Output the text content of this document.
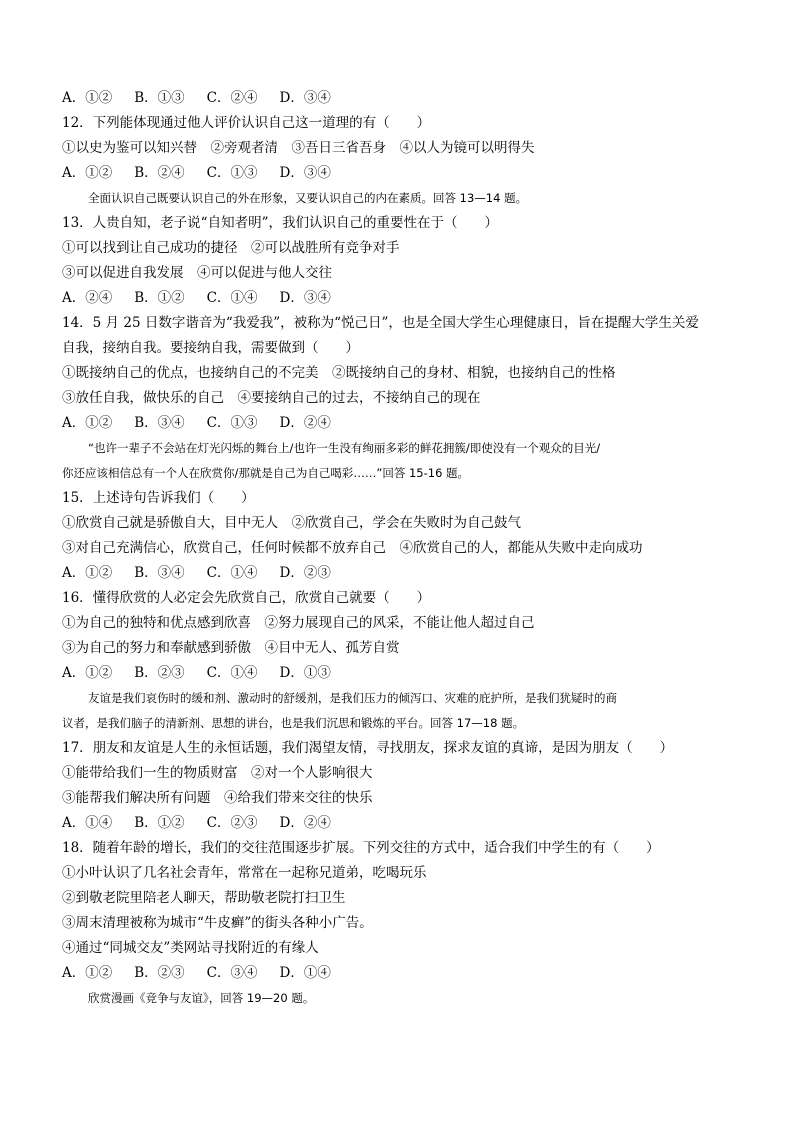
A．①② B．①③ C．②④ D．③④
12．下列能体现通过他人评价认识自己这一道理的有（　　）
①以史为鉴可以知兴替　②旁观者清　③吾日三省吾身　④以人为镜可以明得失
A．①② B．②④ C．①③ D．③④
全面认识自己既要认识自己的外在形象，又要认识自己的内在素质。回答 13—14 题。
13．人贵自知，老子说“自知者明”，我们认识自己的重要性在于（　　）
①可以找到让自己成功的捷径　②可以战胜所有竞争对手
③可以促进自我发展　④可以促进与他人交往
A．②④ B．①② C．①④ D．③④
14．5 月 25 日数字谐音为“我爱我”，被称为“悦己日”，也是全国大学生心理健康日，旨在提醒大学生关爱
自我，接纳自我。要接纳自我，需要做到（　　）
①既接纳自己的优点，也接纳自己的不完美　②既接纳自己的身材、相貌，也接纳自己的性格
③放任自我，做快乐的自己　④要接纳自己的过去，不接纳自己的现在
A．①② B．③④ C．①③ D．②④
“也许一辈子不会站在灯光闪烁的舞台上/也许一生没有绚丽多彩的鲜花拥簇/即使没有一个观众的目光/
你还应该相信总有一个人在欣赏你/那就是自己为自己喝彩……”回答 15-16 题。
15．上述诗句告诉我们（　　）
①欣赏自己就是骄傲自大，目中无人　②欣赏自己，学会在失败时为自己鼓气
③对自己充满信心，欣赏自己，任何时候都不放弃自己　④欣赏自己的人，都能从失败中走向成功
A．①② B．③④ C．①④ D．②③
16．懂得欣赏的人必定会先欣赏自己，欣赏自己就要（　　）
①为自己的独特和优点感到欣喜　②努力展现自己的风采，不能让他人超过自己
③为自己的努力和奉献感到骄傲　④目中无人、孤芳自赏
A．①② B．②③ C．①④ D．①③
友谊是我们哀伤时的缓和剂、激动时的舒缓剂，是我们压力的倾泻口、灾难的庇护所，是我们犹疑时的商
议者，是我们脑子的清新剂、思想的讲台，也是我们沉思和锻炼的平台。回答 17—18 题。
17．朋友和友谊是人生的永恒话题，我们渴望友情，寻找朋友，探求友谊的真谛，是因为朋友（　　）
①能带给我们一生的物质财富　②对一个人影响很大
③能帮我们解决所有问题　④给我们带来交往的快乐
A．①④ B．①② C．②③ D．②④
18．随着年龄的增长，我们的交往范围逐步扩展。下列交往的方式中，适合我们中学生的有（　　）
①小叶认识了几名社会青年，常常在一起称兄道弟，吃喝玩乐
②到敬老院里陪老人聊天，帮助敬老院打扫卫生
③周末清理被称为城市“牛皮癣”的街头各种小广告。
④通过“同城交友”类网站寻找附近的有缘人
A．①② B．②③ C．③④ D．①④
欣赏漫画《竞争与友谊》，回答 19—20 题。
